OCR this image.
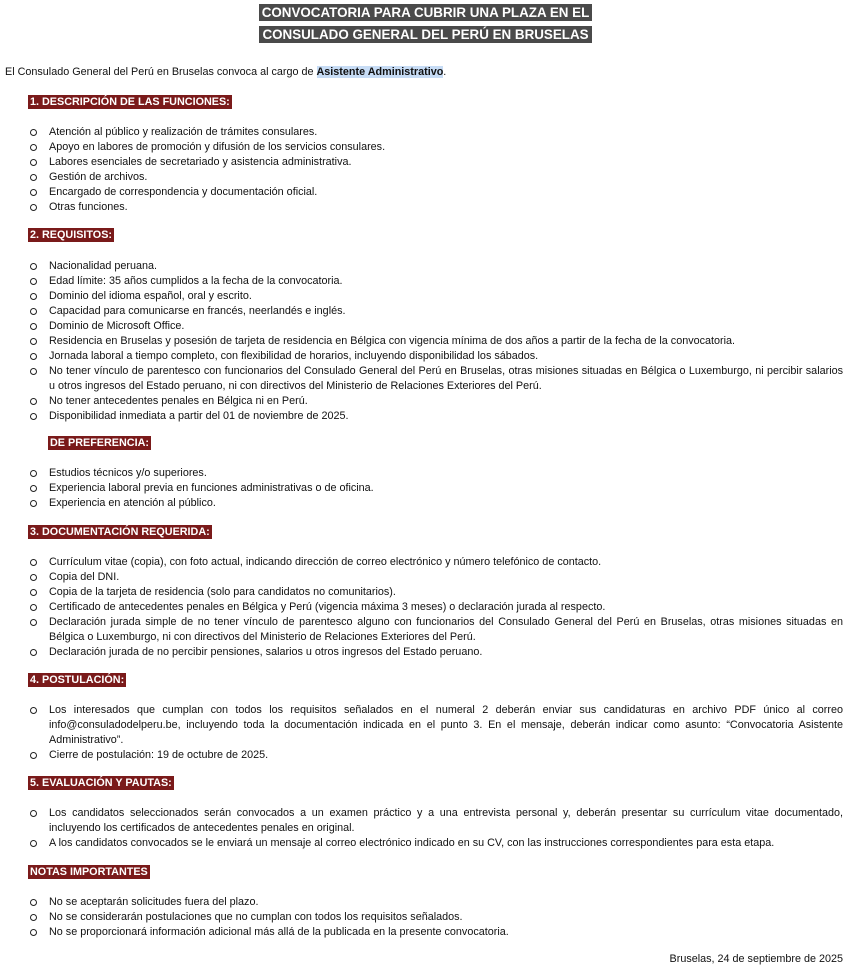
CONVOCATORIA PARA CUBRIR UNA PLAZA EN EL
CONSULADO GENERAL DEL PERÚ EN BRUSELAS
El Consulado General del Perú en Bruselas convoca al cargo de Asistente Administrativo.
1. DESCRIPCIÓN DE LAS FUNCIONES:
Atención al público y realización de trámites consulares.
Apoyo en labores de promoción y difusión de los servicios consulares.
Labores esenciales de secretariado y asistencia administrativa.
Gestión de archivos.
Encargado de correspondencia y documentación oficial.
Otras funciones.
2. REQUISITOS:
Nacionalidad peruana.
Edad límite: 35 años cumplidos a la fecha de la convocatoria.
Dominio del idioma español, oral y escrito.
Capacidad para comunicarse en francés, neerlandés e inglés.
Dominio de Microsoft Office.
Residencia en Bruselas y posesión de tarjeta de residencia en Bélgica con vigencia mínima de dos años a partir de la fecha de la convocatoria.
Jornada laboral a tiempo completo, con flexibilidad de horarios, incluyendo disponibilidad los sábados.
No tener vínculo de parentesco con funcionarios del Consulado General del Perú en Bruselas, otras misiones situadas en Bélgica o Luxemburgo, ni percibir salarios u otros ingresos del Estado peruano, ni con directivos del Ministerio de Relaciones Exteriores del Perú.
No tener antecedentes penales en Bélgica ni en Perú.
Disponibilidad inmediata a partir del 01 de noviembre de 2025.
DE PREFERENCIA:
Estudios técnicos y/o superiores.
Experiencia laboral previa en funciones administrativas o de oficina.
Experiencia en atención al público.
3. DOCUMENTACIÓN REQUERIDA:
Currículum vitae (copia), con foto actual, indicando dirección de correo electrónico y número telefónico de contacto.
Copia del DNI.
Copia de la tarjeta de residencia (solo para candidatos no comunitarios).
Certificado de antecedentes penales en Bélgica y Perú (vigencia máxima 3 meses) o declaración jurada al respecto.
Declaración jurada simple de no tener vínculo de parentesco alguno con funcionarios del Consulado General del Perú en Bruselas, otras misiones situadas en Bélgica o Luxemburgo, ni con directivos del Ministerio de Relaciones Exteriores del Perú.
Declaración jurada de no percibir pensiones, salarios u otros ingresos del Estado peruano.
4. POSTULACIÓN:
Los interesados que cumplan con todos los requisitos señalados en el numeral 2 deberán enviar sus candidaturas en archivo PDF único al correo info@consuladodelperu.be, incluyendo toda la documentación indicada en el punto 3. En el mensaje, deberán indicar como asunto: “Convocatoria Asistente Administrativo”.
Cierre de postulación: 19 de octubre de 2025.
5. EVALUACIÓN Y PAUTAS:
Los candidatos seleccionados serán convocados a un examen práctico y a una entrevista personal y, deberán presentar su currículum vitae documentado, incluyendo los certificados de antecedentes penales en original.
A los candidatos convocados se le enviará un mensaje al correo electrónico indicado en su CV, con las instrucciones correspondientes para esta etapa.
NOTAS IMPORTANTES
No se aceptarán solicitudes fuera del plazo.
No se considerarán postulaciones que no cumplan con todos los requisitos señalados.
No se proporcionará información adicional más allá de la publicada en la presente convocatoria.
Bruselas, 24 de septiembre de 2025
